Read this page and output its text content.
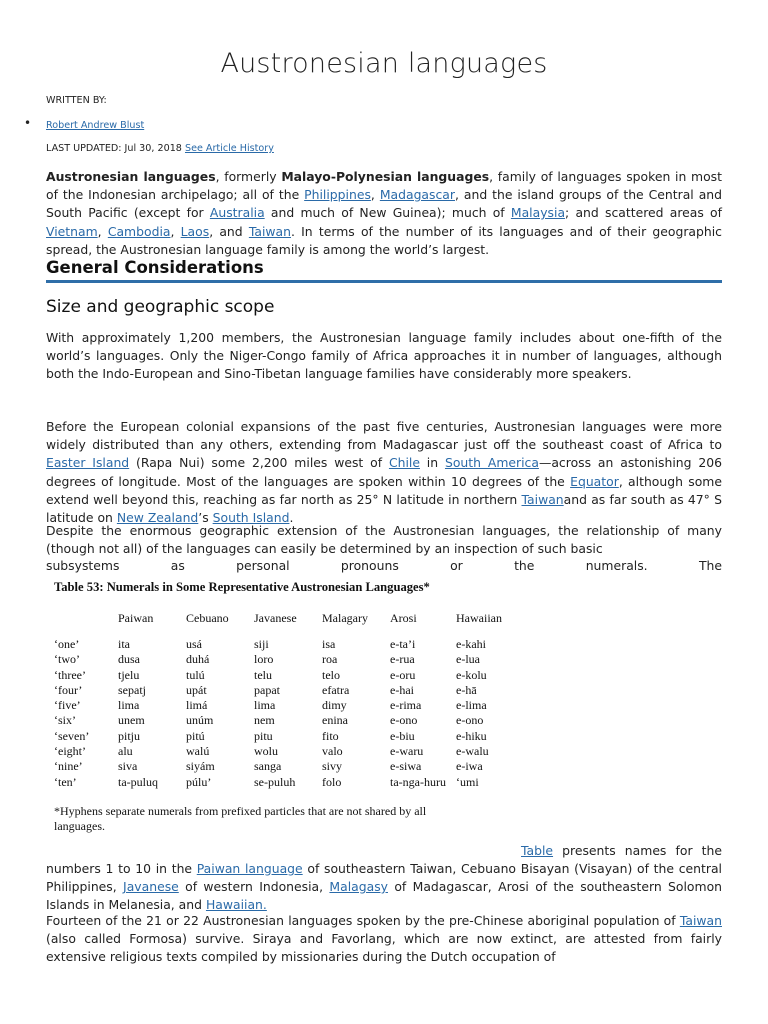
Austronesian languages
WRITTEN BY:
• Robert Andrew Blust
LAST UPDATED: Jul 30, 2018 See Article History
Austronesian languages, formerly Malayo-Polynesian languages, family of languages spoken in most of the Indonesian archipelago; all of the Philippines, Madagascar, and the island groups of the Central and South Pacific (except for Australia and much of New Guinea); much of Malaysia; and scattered areas of Vietnam, Cambodia, Laos, and Taiwan. In terms of the number of its languages and of their geographic spread, the Austronesian language family is among the world’s largest.
General Considerations
Size and geographic scope
With approximately 1,200 members, the Austronesian language family includes about one-fifth of the world’s languages. Only the Niger-Congo family of Africa approaches it in number of languages, although both the Indo-European and Sino-Tibetan language families have considerably more speakers.
Before the European colonial expansions of the past five centuries, Austronesian languages were more widely distributed than any others, extending from Madagascar just off the southeast coast of Africa to Easter Island (Rapa Nui) some 2,200 miles west of Chile in South America—across an astonishing 206 degrees of longitude. Most of the languages are spoken within 10 degrees of the Equator, although some extend well beyond this, reaching as far north as 25° N latitude in northern Taiwanand as far south as 47° S latitude on New Zealand’s South Island.
Despite the enormous geographic extension of the Austronesian languages, the relationship of many (though not all) of the languages can easily be determined by an inspection of such basic
subsystems	as	personal	pronouns	or	the	numerals.	The
Table 53: Numerals in Some Representative Austronesian Languages*
	Paiwan	Cebuano	Javanese	Malagary	Arosi	Hawaiian
‘one’	ita	usá	siji	isa	e-ta’i	e-kahi
‘two’	dusa	duhá	loro	roa	e-rua	e-lua
‘three’	tjelu	tulú	telu	telo	e-oru	e-kolu
‘four’	sepatj	upát	papat	efatra	e-hai	e-hā
‘five’	lima	limá	lima	dimy	e-rima	e-lima
‘six’	unem	unúm	nem	enina	e-ono	e-ono
‘seven’	pitju	pitú	pitu	fito	e-biu	e-hiku
‘eight’	alu	walú	wolu	valo	e-waru	e-walu
‘nine’	siva	siyám	sanga	sivy	e-siwa	e-iwa
‘ten’	ta-puluq	púlu’	se-puluh	folo	ta-nga-huru	ʻumi
*Hyphens separate numerals from prefixed particles that are not shared by all languages.
Table presents names for the
numbers 1 to 10 in the Paiwan language of southeastern Taiwan, Cebuano Bisayan (Visayan) of the central Philippines, Javanese of western Indonesia, Malagasy of Madagascar, Arosi of the southeastern Solomon Islands in Melanesia, and Hawaiian.
Fourteen of the 21 or 22 Austronesian languages spoken by the pre-Chinese aboriginal population of Taiwan (also called Formosa) survive. Siraya and Favorlang, which are now extinct, are attested from fairly extensive religious texts compiled by missionaries during the Dutch occupation of
